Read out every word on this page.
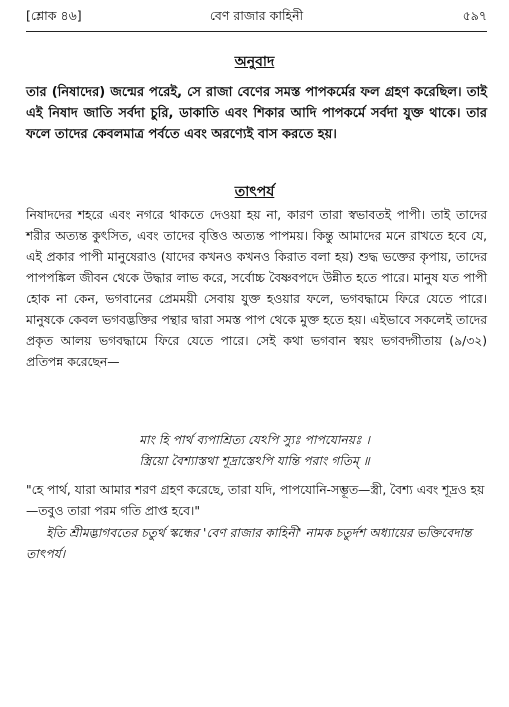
[শ্লোক ৪৬]	বেণ রাজার কাহিনী	৫৯৭
অনুবাদ

তার (নিষাদের) জন্মের পরেই, সে রাজা বেণের সমস্ত পাপকর্মের ফল গ্রহণ করেছিল। তাই এই নিষাদ জাতি সর্বদা চুরি, ডাকাতি এবং শিকার আদি পাপকর্মে সর্বদা যুক্ত থাকে। তার ফলে তাদের কেবলমাত্র পর্বতে এবং অরণ্যেই বাস করতে হয়।

তাৎপর্য

নিষাদদের শহরে এবং নগরে থাকতে দেওয়া হয় না, কারণ তারা স্বভাবতই পাপী। তাই তাদের শরীর অত্যন্ত কুৎসিত, এবং তাদের বৃত্তিও অত্যন্ত পাপময়। কিন্তু আমাদের মনে রাখতে হবে যে, এই প্রকার পাপী মানুষেরাও (যাদের কখনও কখনও কিরাত বলা হয়) শুদ্ধ ভক্তের কৃপায়, তাদের পাপপঙ্কিল জীবন থেকে উদ্ধার লাভ করে, সর্বোচ্চ বৈষ্ণবপদে উন্নীত হতে পারে। মানুষ যত পাপী হোক না কেন, ভগবানের প্রেমময়ী সেবায় যুক্ত হওয়ার ফলে, ভগবদ্ধামে ফিরে যেতে পারে। মানুষকে কেবল ভগবদ্ভক্তির পন্থার দ্বারা সমস্ত পাপ থেকে মুক্ত হতে হয়। এইভাবে সকলেই তাদের প্রকৃত আলয় ভগবদ্ধামে ফিরে যেতে পারে। সেই কথা ভগবান স্বয়ং ভগবদ্গীতায় (৯/৩২) প্রতিপন্ন করেছেন—

মাং হি পার্থ ব্যপাশ্রিত্য যেঽপি স্যুঃ পাপযোনয়ঃ ।
স্ত্রিয়ো বৈশ্যাস্তথা শূদ্রাস্তেঽপি যান্তি পরাং গতিম্ ॥

"হে পার্থ, যারা আমার শরণ গ্রহণ করেছে, তারা যদি, পাপযোনি-সম্ভূত—স্ত্রী, বৈশ্য এবং শূদ্রও হয়—তবুও তারা পরম গতি প্রাপ্ত হবে।"

ইতি শ্রীমদ্ভাগবতের চতুর্থ স্কন্ধের 'বেণ রাজার কাহিনী' নামক চতুর্দশ অধ্যায়ের ভক্তিবেদান্ত তাৎপর্য।
